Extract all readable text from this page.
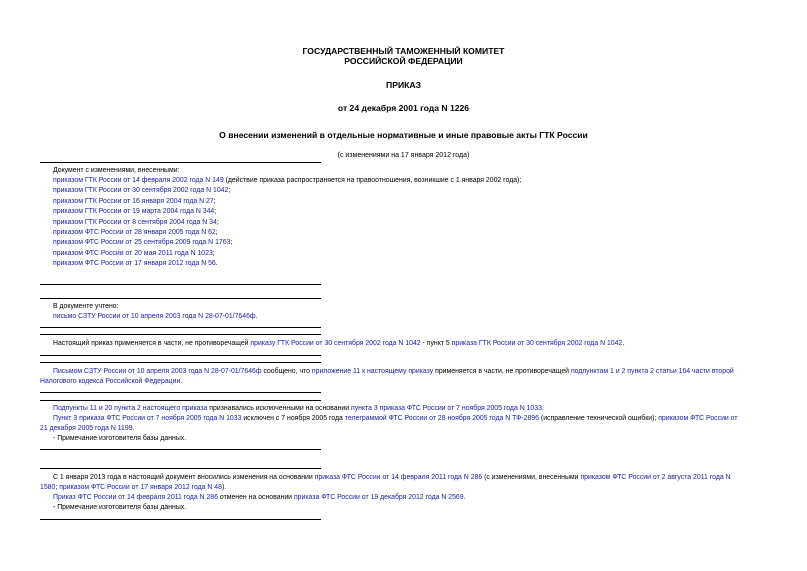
ГОСУДАРСТВЕННЫЙ ТАМОЖЕННЫЙ КОМИТЕТ
РОССИЙСКОЙ ФЕДЕРАЦИИ
ПРИКАЗ
от 24 декабря 2001 года N 1226
О внесении изменений в отдельные нормативные и иные правовые акты ГТК России
(с изменениями на 17 января 2012 года)
Документ с изменениями, внесенными:
приказом ГТК России от 14 февраля 2002 года N 149 (действие приказа распространяется на правоотношения, возникшие с 1 января 2002 года);
приказом ГТК России от 30 сентября 2002 года N 1042;
приказом ГТК России от 16 января 2004 года N 27;
приказом ГТК России от 19 марта 2004 года N 344;
приказом ГТК России от 8 сентября 2004 года N 34;
приказом ФТС России от 28 января 2005 года N 62;
приказом ФТС России от 25 сентября 2009 года N 1763;
приказом ФТС России от 20 мая 2011 года N 1023;
приказом ФТС России от 17 января 2012 года N 56.
В документе учтено:
письмо СЗТУ России от 10 апреля 2003 года N 28-07-01/7646ф.
Настоящий приказ применяется в части, не противоречащей приказу ГТК России от 30 сентября 2002 года N 1042 - пункт 5 приказа ГТК России от 30 сентября 2002 года N 1042.
Письмом СЗТУ России от 10 апреля 2003 года N 28-07-01/7646ф сообщено, что приложение 11 к настоящему приказу применяется в части, не противоречащей подпунктам 1 и 2 пункта 2 статьи 164 части второй
Налогового кодекса Российской Федерации.
Подпункты 11 и 20 пункта 2 настоящего приказа признавались исключенными на основании пункта 3 приказа ФТС России от 7 ноября 2005 года N 1033.
Пункт 3 приказа ФТС России от 7 ноября 2005 года N 1033 исключен с 7 ноября 2005 года телеграммой ФТС России от 28 ноября 2005 года N ТФ-2896 (исправление технической ошибки); приказом ФТС России от
21 декабря 2005 года N 1199.
- Примечание изготовителя базы данных.
С 1 января 2013 года в настоящий документ вносились изменения на основании приказа ФТС России от 14 февраля 2011 года N 286 (с изменениями, внесенными приказом ФТС России от 2 августа 2011 года N
1580; приказом ФТС России от 17 января 2012 года N 48).
Приказ ФТС России от 14 февраля 2011 года N 286 отменен на основании приказа ФТС России от 19 декабря 2012 года N 2569.
- Примечание изготовителя базы данных.
